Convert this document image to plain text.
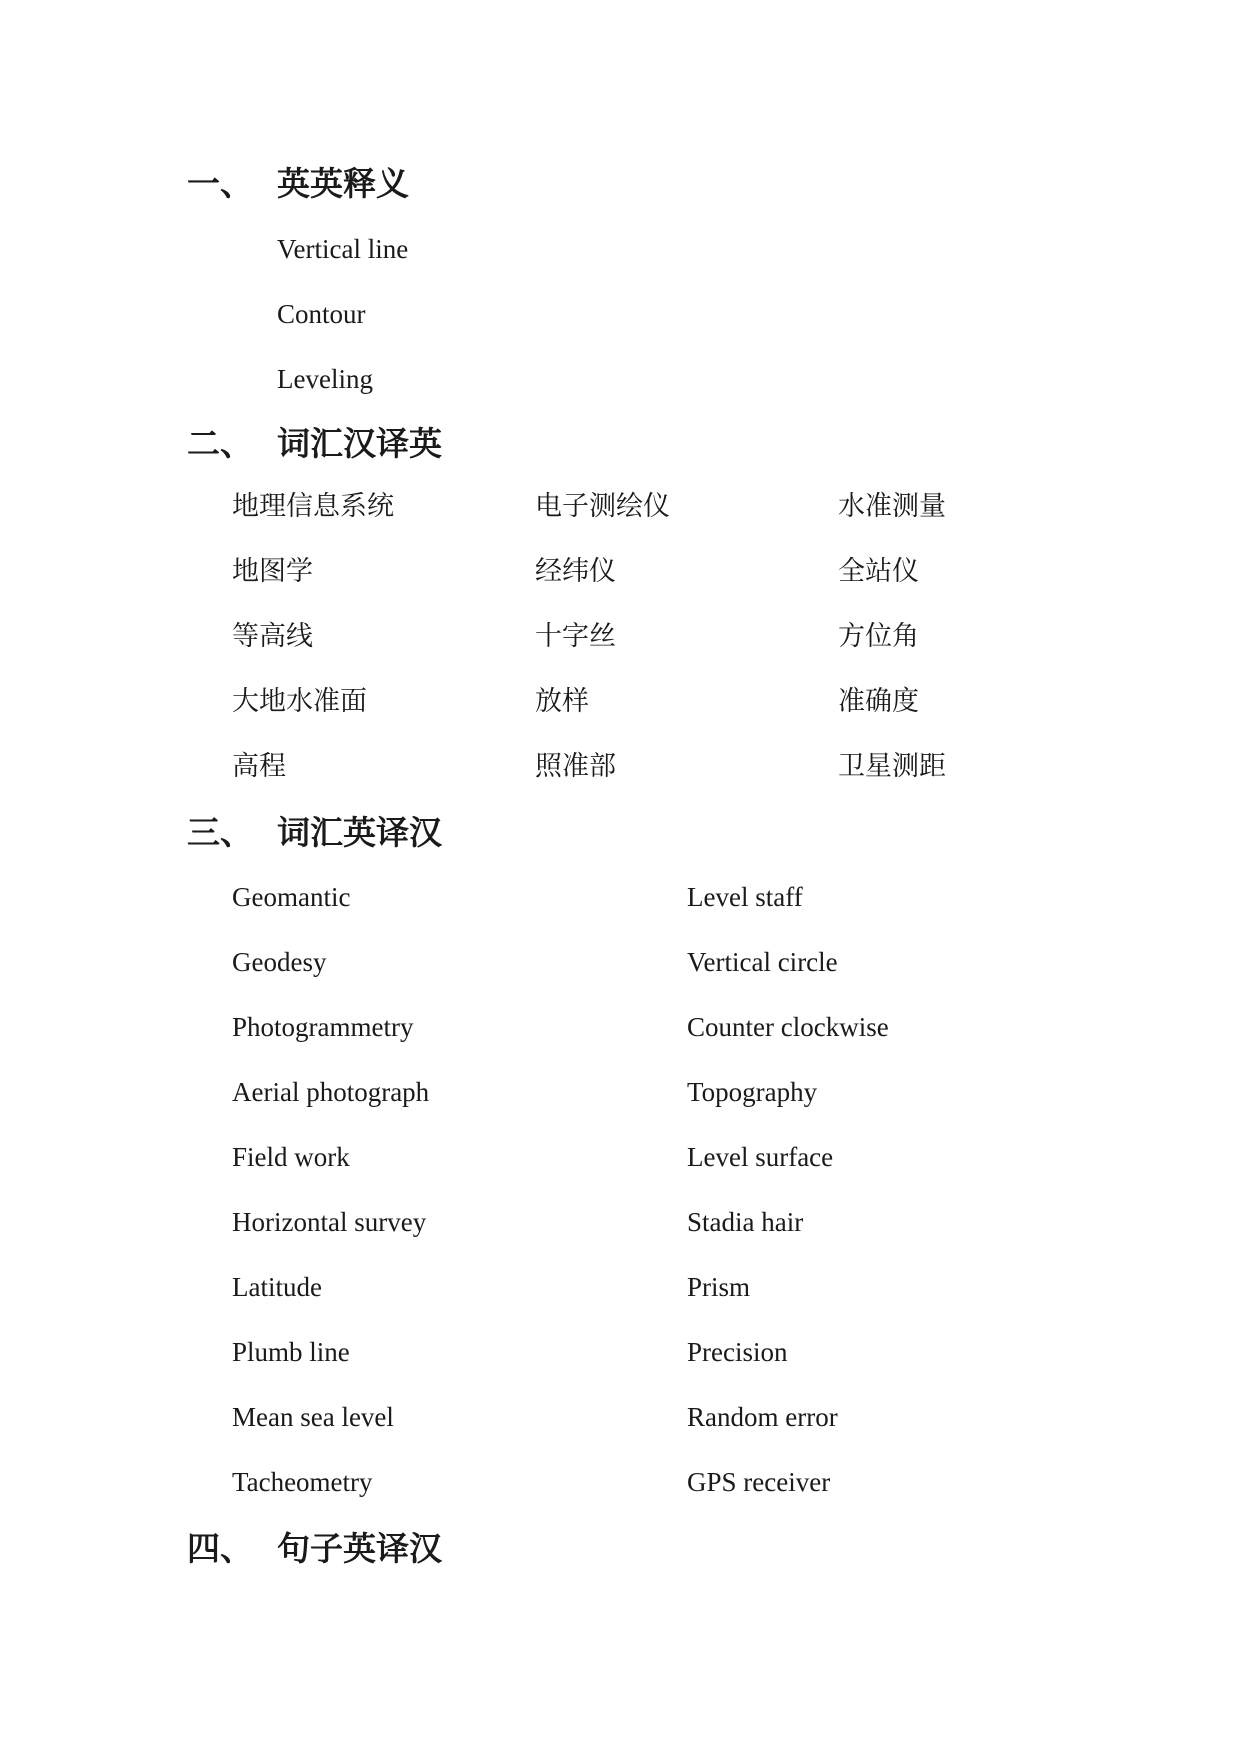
一、 英英释义
Vertical line
Contour
Leveling
二、 词汇汉译英
地理信息系统	电子测绘仪	水准测量
地图学	经纬仪	全站仪
等高线	十字丝	方位角
大地水准面	放样	准确度
高程	照准部	卫星测距
三、 词汇英译汉
Geomantic	Level staff
Geodesy	Vertical circle
Photogrammetry	Counter clockwise
Aerial photograph	Topography
Field work	Level surface
Horizontal survey	Stadia hair
Latitude	Prism
Plumb line	Precision
Mean sea level	Random error
Tacheometry	GPS receiver
四、 句子英译汉
